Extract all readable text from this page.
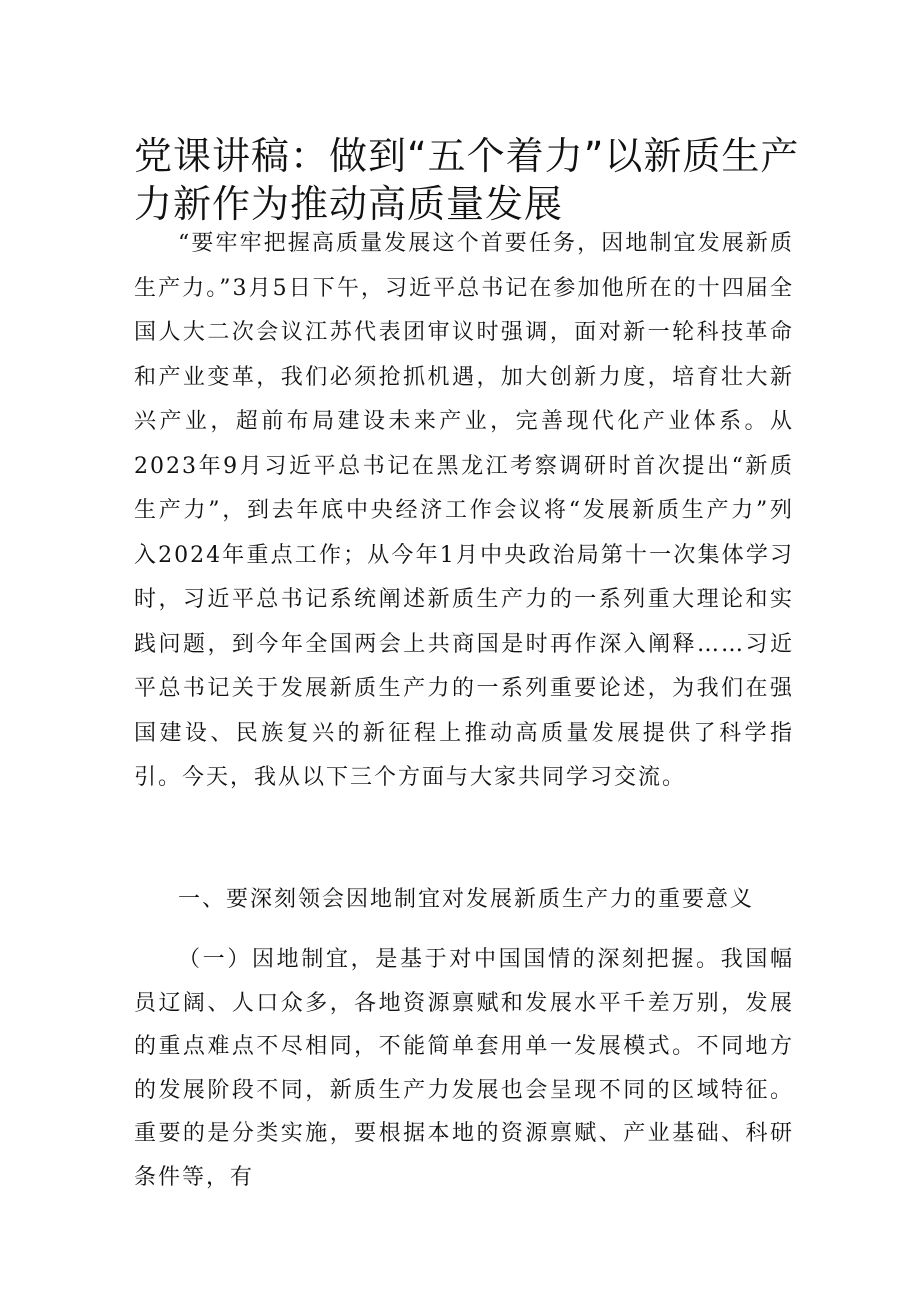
党课讲稿：做到“五个着力”以新质生产力新作为推动高质量发展

“要牢牢把握高质量发展这个首要任务，因地制宜发展新质生产力。”3月5日下午，习近平总书记在参加他所在的十四届全国人大二次会议江苏代表团审议时强调，面对新一轮科技革命和产业变革，我们必须抢抓机遇，加大创新力度，培育壮大新兴产业，超前布局建设未来产业，完善现代化产业体系。从2023年9月习近平总书记在黑龙江考察调研时首次提出“新质生产力”，到去年底中央经济工作会议将“发展新质生产力”列入2024年重点工作；从今年1月中央政治局第十一次集体学习时，习近平总书记系统阐述新质生产力的一系列重大理论和实践问题，到今年全国两会上共商国是时再作深入阐释……习近平总书记关于发展新质生产力的一系列重要论述，为我们在强国建设、民族复兴的新征程上推动高质量发展提供了科学指引。今天，我从以下三个方面与大家共同学习交流。

一、要深刻领会因地制宜对发展新质生产力的重要意义

（一）因地制宜，是基于对中国国情的深刻把握。我国幅员辽阔、人口众多，各地资源禀赋和发展水平千差万别，发展的重点难点不尽相同，不能简单套用单一发展模式。不同地方的发展阶段不同，新质生产力发展也会呈现不同的区域特征。重要的是分类实施，要根据本地的资源禀赋、产业基础、科研条件等，有
